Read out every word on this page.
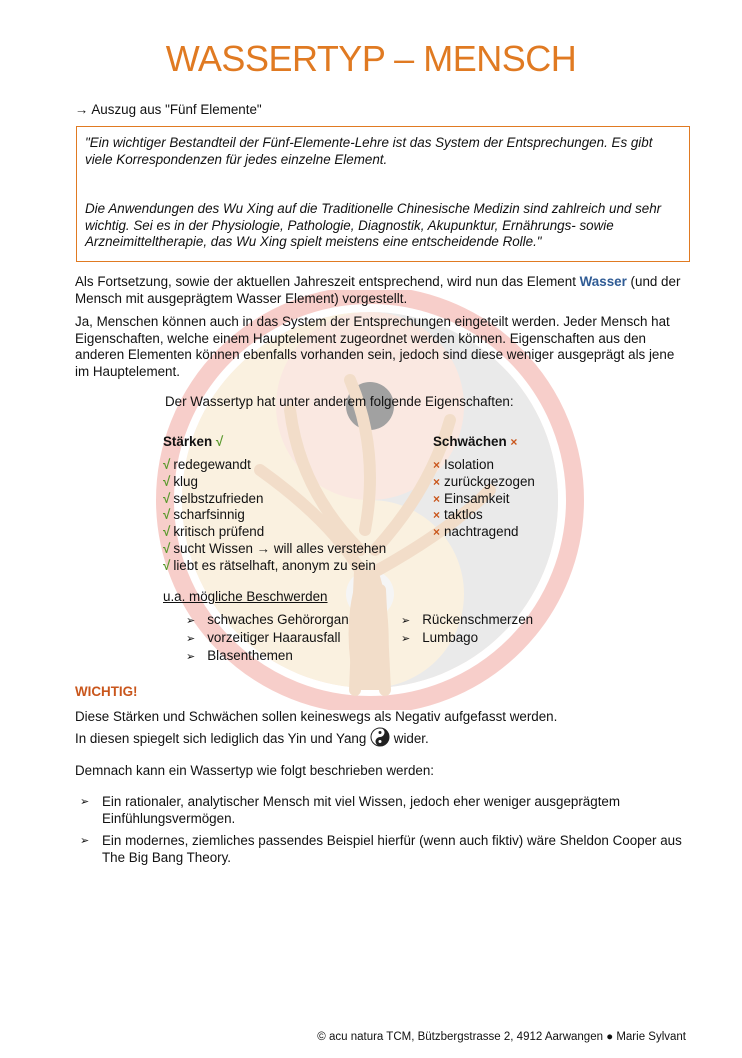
WASSERTYP – MENSCH
→ Auszug aus "Fünf Elemente"

"Ein wichtiger Bestandteil der Fünf-Elemente-Lehre ist das System der Entsprechungen. Es gibt viele Korrespondenzen für jedes einzelne Element.

Die Anwendungen des Wu Xing auf die Traditionelle Chinesische Medizin sind zahlreich und sehr wichtig. Sei es in der Physiologie, Pathologie, Diagnostik, Akupunktur, Ernährungs- sowie Arzneimitteltherapie, das Wu Xing spielt meistens eine entscheidende Rolle."

Als Fortsetzung, sowie der aktuellen Jahreszeit entsprechend, wird nun das Element Wasser (und der Mensch mit ausgeprägtem Wasser Element) vorgestellt.
Ja, Menschen können auch in das System der Entsprechungen eingeteilt werden. Jeder Mensch hat Eigenschaften, welche einem Hauptelement zugeordnet werden können. Eigenschaften aus den anderen Elementen können ebenfalls vorhanden sein, jedoch sind diese weniger ausgeprägt als jene im Hauptelement.
Der Wassertyp hat unter anderem folgende Eigenschaften:
Stärken √	Schwächen ×
√ redegewandt
√ klug
√ selbstzufrieden
√ scharfsinnig
√ kritisch prüfend
√ sucht Wissen → will alles verstehen
√ liebt es rätselhaft, anonym zu sein
× Isolation
× zurückgezogen
× Einsamkeit
× taktlos
× nachtragend
u.a. mögliche Beschwerden
➢ schwaches Gehörorgan
➢ vorzeitiger Haarausfall
➢ Blasenthemen
➢ Rückenschmerzen
➢ Lumbago
WICHTIG!
Diese Stärken und Schwächen sollen keineswegs als Negativ aufgefasst werden.
In diesen spiegelt sich lediglich das Yin und Yang  wider.
Demnach kann ein Wassertyp wie folgt beschrieben werden:
➢ Ein rationaler, analytischer Mensch mit viel Wissen, jedoch eher weniger ausgeprägtem Einfühlungsvermögen.
➢ Ein modernes, ziemliches passendes Beispiel hierfür (wenn auch fiktiv) wäre Sheldon Cooper aus The Big Bang Theory.
© acu natura TCM, Bützbergstrasse 2, 4912 Aarwangen ● Marie Sylvant
